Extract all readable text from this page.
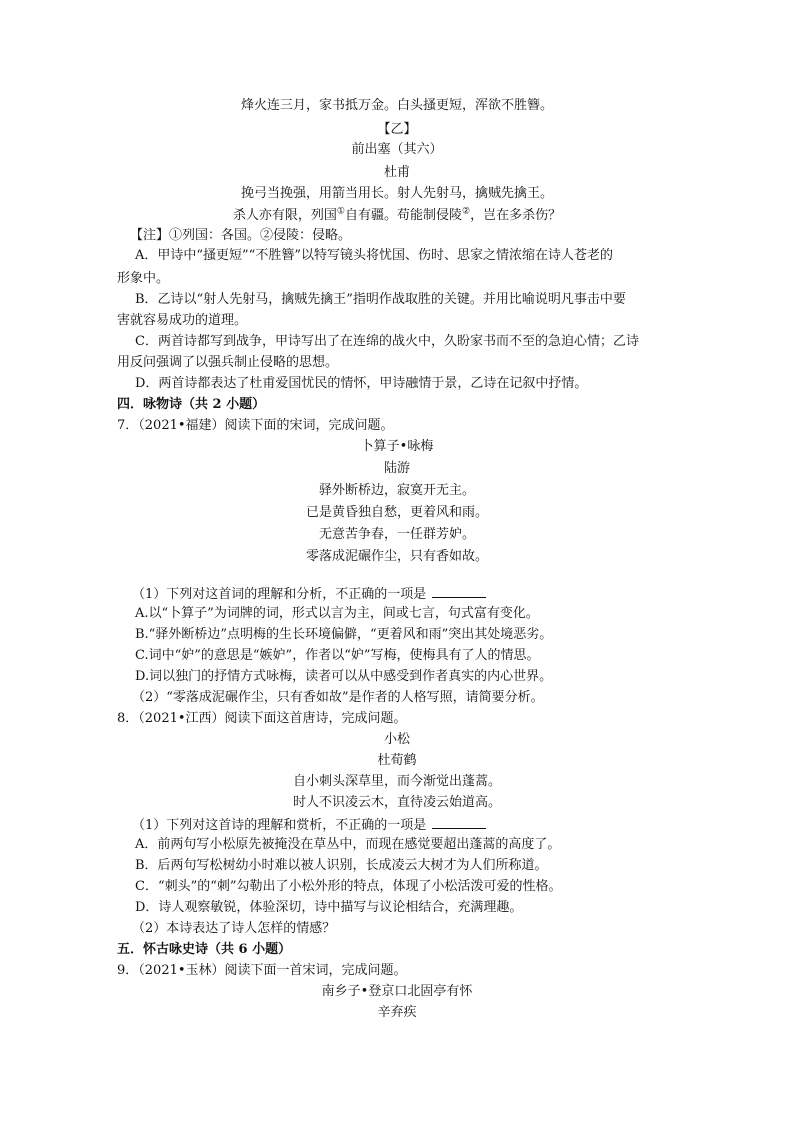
烽火连三月，家书抵万金。白头搔更短，浑欲不胜簪。
【乙】
前出塞（其六）
杜甫
挽弓当挽强，用箭当用长。射人先射马，擒贼先擒王。
杀人亦有限，列国①自有疆。苟能制侵陵②，岂在多杀伤？
【注】①列国：各国。②侵陵：侵略。
A．甲诗中“搔更短”“不胜簪”以特写镜头将忧国、伤时、思家之情浓缩在诗人苍老的
形象中。
B．乙诗以“射人先射马，擒贼先擒王”指明作战取胜的关键。并用比喻说明凡事击中要
害就容易成功的道理。
C．两首诗都写到战争，甲诗写出了在连绵的战火中，久盼家书而不至的急迫心情；乙诗
用反问强调了以强兵制止侵略的思想。
D．两首诗都表达了杜甫爱国忧民的情怀，甲诗融情于景，乙诗在记叙中抒情。
四．咏物诗（共 2 小题）
7．（2021•福建）阅读下面的宋词，完成问题。
卜算子•咏梅
陆游
驿外断桥边，寂寞开无主。
已是黄昏独自愁，更着风和雨。
无意苦争春，一任群芳妒。
零落成泥碾作尘，只有香如故。
（1）下列对这首词的理解和分析，不正确的一项是
A.以“卜算子”为词牌的词，形式以言为主，间或七言，句式富有变化。
B.“驿外断桥边”点明梅的生长环境偏僻，“更着风和雨”突出其处境恶劣。
C.词中“妒”的意思是“嫉妒”，作者以“妒”写梅，使梅具有了人的情思。
D.词以独门的抒情方式咏梅，读者可以从中感受到作者真实的内心世界。
（2）“零落成泥碾作尘，只有香如故”是作者的人格写照，请简要分析。
8．（2021•江西）阅读下面这首唐诗，完成问题。
小松
杜荀鹤
自小刺头深草里，而今渐觉出蓬蒿。
时人不识凌云木，直待凌云始道高。
（1）下列对这首诗的理解和赏析，不正确的一项是
A．前两句写小松原先被掩没在草丛中，而现在感觉要超出蓬蒿的高度了。
B．后两句写松树幼小时难以被人识别，长成凌云大树才为人们所称道。
C．“刺头”的“刺”勾勒出了小松外形的特点，体现了小松活泼可爱的性格。
D．诗人观察敏锐，体验深切，诗中描写与议论相结合，充满理趣。
（2）本诗表达了诗人怎样的情感？
五．怀古咏史诗（共 6 小题）
9．（2021•玉林）阅读下面一首宋词，完成问题。
南乡子•登京口北固亭有怀
辛弃疾
